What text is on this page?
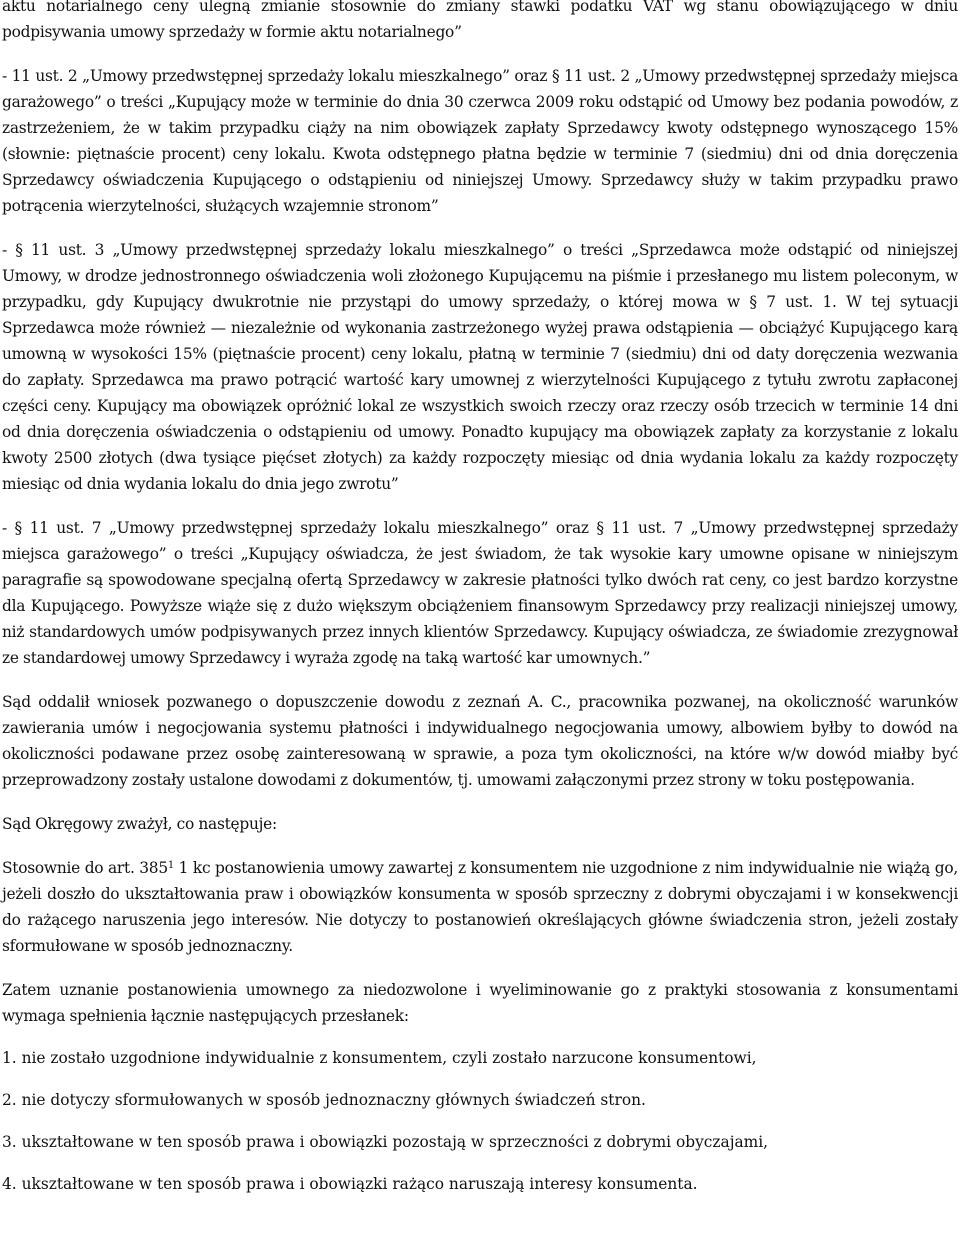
aktu notarialnego ceny ulegną zmianie stosownie do zmiany stawki podatku VAT wg stanu obowiązującego w dniu podpisywania umowy sprzedaży w formie aktu notarialnego”

- 11 ust. 2 „Umowy przedwstępnej sprzedaży lokalu mieszkalnego” oraz § 11 ust. 2 „Umowy przedwstępnej sprzedaży miejsca garażowego” o treści „Kupujący może w terminie do dnia 30 czerwca 2009 roku odstąpić od Umowy bez podania powodów, z zastrzeżeniem, że w takim przypadku ciąży na nim obowiązek zapłaty Sprzedawcy kwoty odstępnego wynoszącego 15% (słownie: piętnaście procent) ceny lokalu. Kwota odstępnego płatna będzie w terminie 7 (siedmiu) dni od dnia doręczenia Sprzedawcy oświadczenia Kupującego o odstąpieniu od niniejszej Umowy. Sprzedawcy służy w takim przypadku prawo potrącenia wierzytelności, służących wzajemnie stronom”

- § 11 ust. 3 „Umowy przedwstępnej sprzedaży lokalu mieszkalnego” o treści „Sprzedawca może odstąpić od niniejszej Umowy, w drodze jednostronnego oświadczenia woli złożonego Kupującemu na piśmie i przesłanego mu listem poleconym, w przypadku, gdy Kupujący dwukrotnie nie przystąpi do umowy sprzedaży, o której mowa w § 7 ust. 1. W tej sytuacji Sprzedawca może również — niezależnie od wykonania zastrzeżonego wyżej prawa odstąpienia — obciążyć Kupującego karą umowną w wysokości 15% (piętnaście procent) ceny lokalu, płatną w terminie 7 (siedmiu) dni od daty doręczenia wezwania do zapłaty. Sprzedawca ma prawo potrącić wartość kary umownej z wierzytelności Kupującego z tytułu zwrotu zapłaconej części ceny. Kupujący ma obowiązek opróżnić lokal ze wszystkich swoich rzeczy oraz rzeczy osób trzecich w terminie 14 dni od dnia doręczenia oświadczenia o odstąpieniu od umowy. Ponadto kupujący ma obowiązek zapłaty za korzystanie z lokalu kwoty 2500 złotych (dwa tysiące pięćset złotych) za każdy rozpoczęty miesiąc od dnia wydania lokalu za każdy rozpoczęty miesiąc od dnia wydania lokalu do dnia jego zwrotu”

- § 11 ust. 7 „Umowy przedwstępnej sprzedaży lokalu mieszkalnego” oraz § 11 ust. 7 „Umowy przedwstępnej sprzedaży miejsca garażowego” o treści „Kupujący oświadcza, że jest świadom, że tak wysokie kary umowne opisane w niniejszym paragrafie są spowodowane specjalną ofertą Sprzedawcy w zakresie płatności tylko dwóch rat ceny, co jest bardzo korzystne dla Kupującego. Powyższe wiąże się z dużo większym obciążeniem finansowym Sprzedawcy przy realizacji niniejszej umowy, niż standardowych umów podpisywanych przez innych klientów Sprzedawcy. Kupujący oświadcza, ze świadomie zrezygnował ze standardowej umowy Sprzedawcy i wyraża zgodę na taką wartość kar umownych.”

Sąd oddalił wniosek pozwanego o dopuszczenie dowodu z zeznań A. C., pracownika pozwanej, na okoliczność warunków zawierania umów i negocjowania systemu płatności i indywidualnego negocjowania umowy, albowiem byłby to dowód na okoliczności podawane przez osobę zainteresowaną w sprawie, a poza tym okoliczności, na które w/w dowód miałby być przeprowadzony zostały ustalone dowodami z dokumentów, tj. umowami załączonymi przez strony w toku postępowania.

Sąd Okręgowy zważył, co następuje:

Stosownie do art. $385^1$ 1 kc postanowienia umowy zawartej z konsumentem nie uzgodnione z nim indywidualnie nie wiążą go, jeżeli doszło do ukształtowania praw i obowiązków konsumenta w sposób sprzeczny z dobrymi obyczajami i w konsekwencji do rażącego naruszenia jego interesów. Nie dotyczy to postanowień określających główne świadczenia stron, jeżeli zostały sformułowane w sposób jednoznaczny.

Zatem uznanie postanowienia umownego za niedozwolone i wyeliminowanie go z praktyki stosowania z konsumentami wymaga spełnienia łącznie następujących przesłanek:

1. nie zostało uzgodnione indywidualnie z konsumentem, czyli zostało narzucone konsumentowi,

2. nie dotyczy sformułowanych w sposób jednoznaczny głównych świadczeń stron.

3. ukształtowane w ten sposób prawa i obowiązki pozostają w sprzeczności z dobrymi obyczajami,

4. ukształtowane w ten sposób prawa i obowiązki rażąco naruszają interesy konsumenta.
